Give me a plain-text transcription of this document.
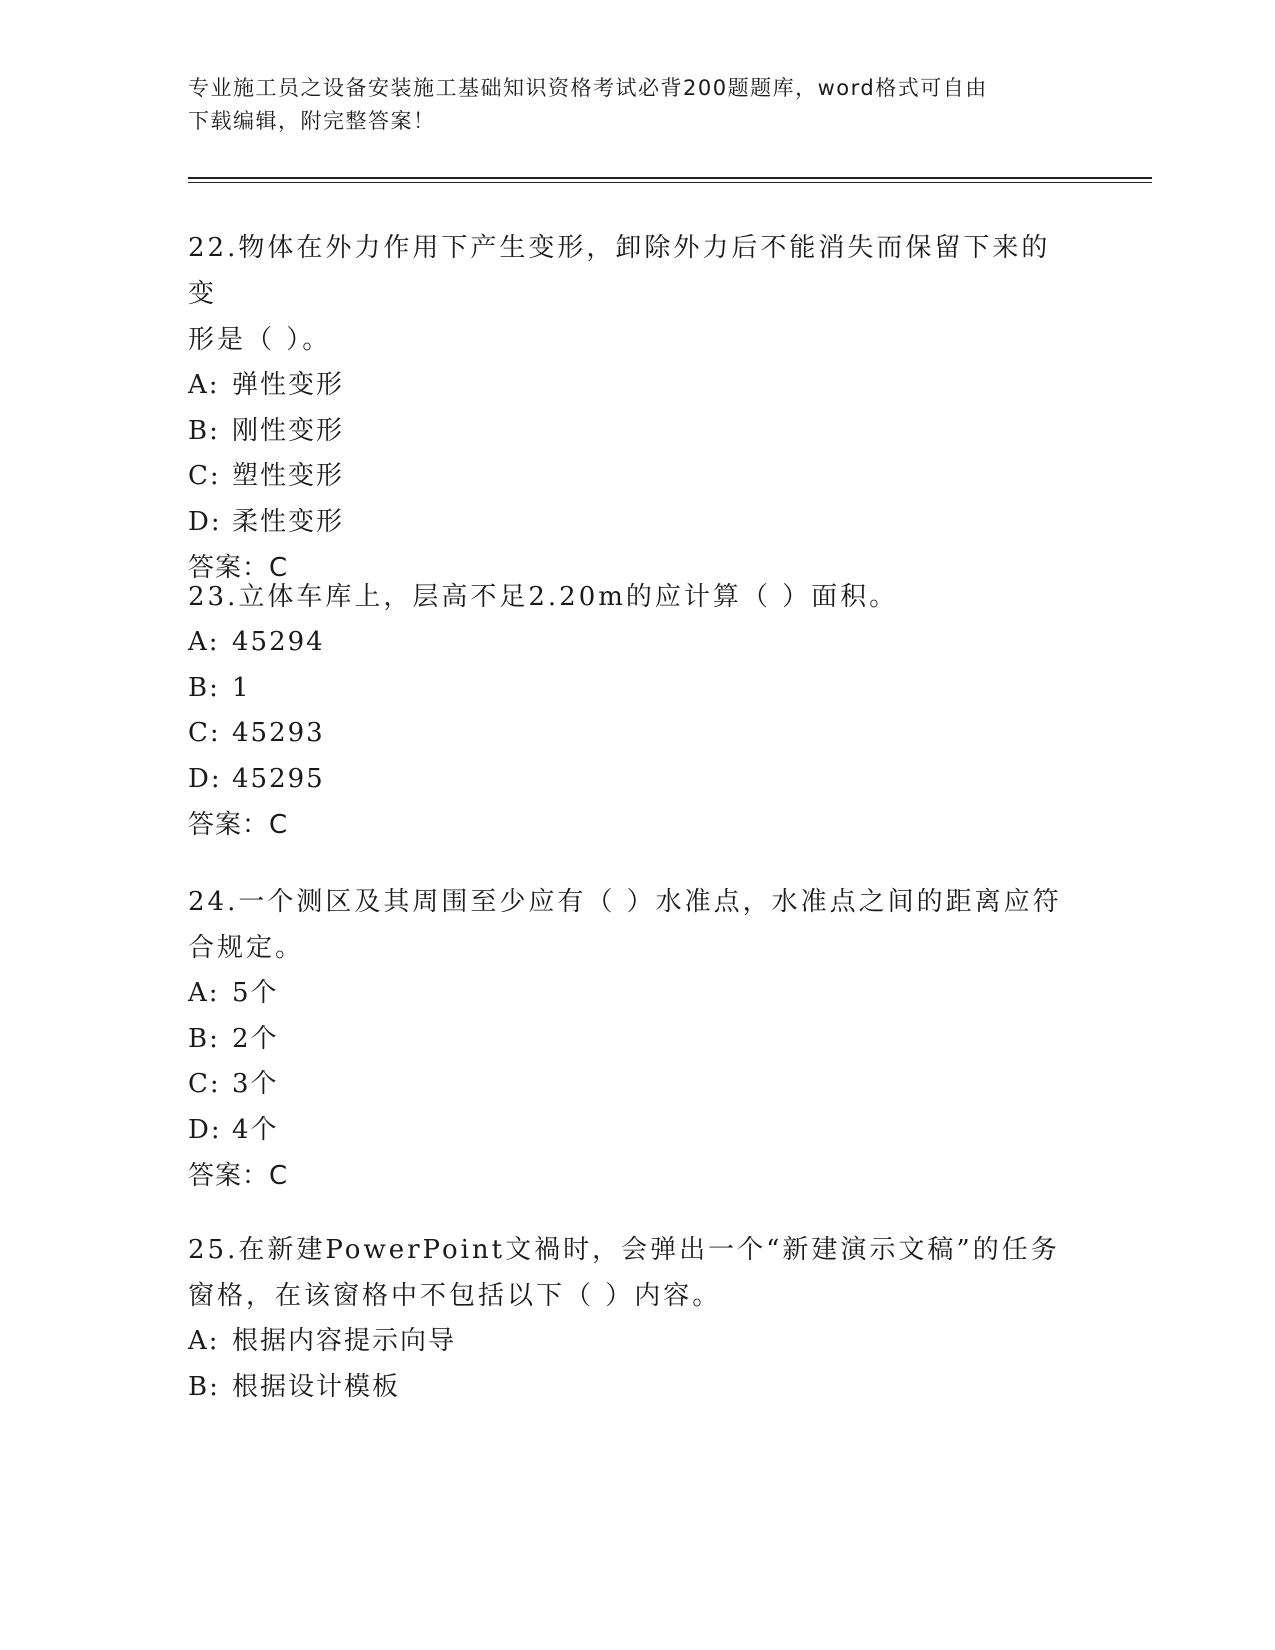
专业施工员之设备安装施工基础知识资格考试必背200题题库，word格式可自由
下载编辑，附完整答案！
22.物体在外力作用下产生变形，卸除外力后不能消失而保留下来的变
形是（ ）。
A: 弹性变形
B: 刚性变形
C: 塑性变形
D: 柔性变形
答案：C
23.立体车库上，层高不足2.20m的应计算（ ）面积。
A: 45294
B: 1
C: 45293
D: 45295
答案：C
24.一个测区及其周围至少应有（ ）水准点，水准点之间的距离应符
合规定。
A: 5个
B: 2个
C: 3个
D: 4个
答案：C
25.在新建PowerPoint文禍时，会弹出一个“新建演示文稿”的任务
窗格，在该窗格中不包括以下（ ）内容。
A: 根据内容提示向导
B: 根据设计模板
